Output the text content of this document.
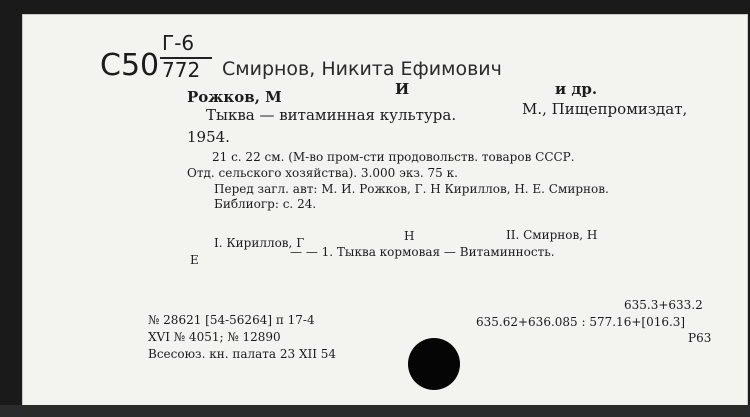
С50
Г-6
772 Смирнов, Никита Ефимович
Рожков, М	И	и др.
Тыква — витаминная культура.	М., Пищепромиздат,
1954.
21 с. 22 см. (М-во пром-сти продовольств. товаров СССР.
Отд. сельского хозяйства). 3.000 экз. 75 к.
Перед загл. авт: М. И. Рожков, Г. Н Кириллов, Н. Е. Смирнов.
Библиогр: с. 24.
I. Кириллов, Г	Н	II. Смирнов, Н
Е
— — 1. Тыква кормовая — Витаминность.
№ 28621 [54-56264] п 17-4
XVI № 4051; № 12890
Всесоюз. кн. палата 23 XII 54
635.3+633.2
635.62+636.085 : 577.16+[016.3]
Р63
